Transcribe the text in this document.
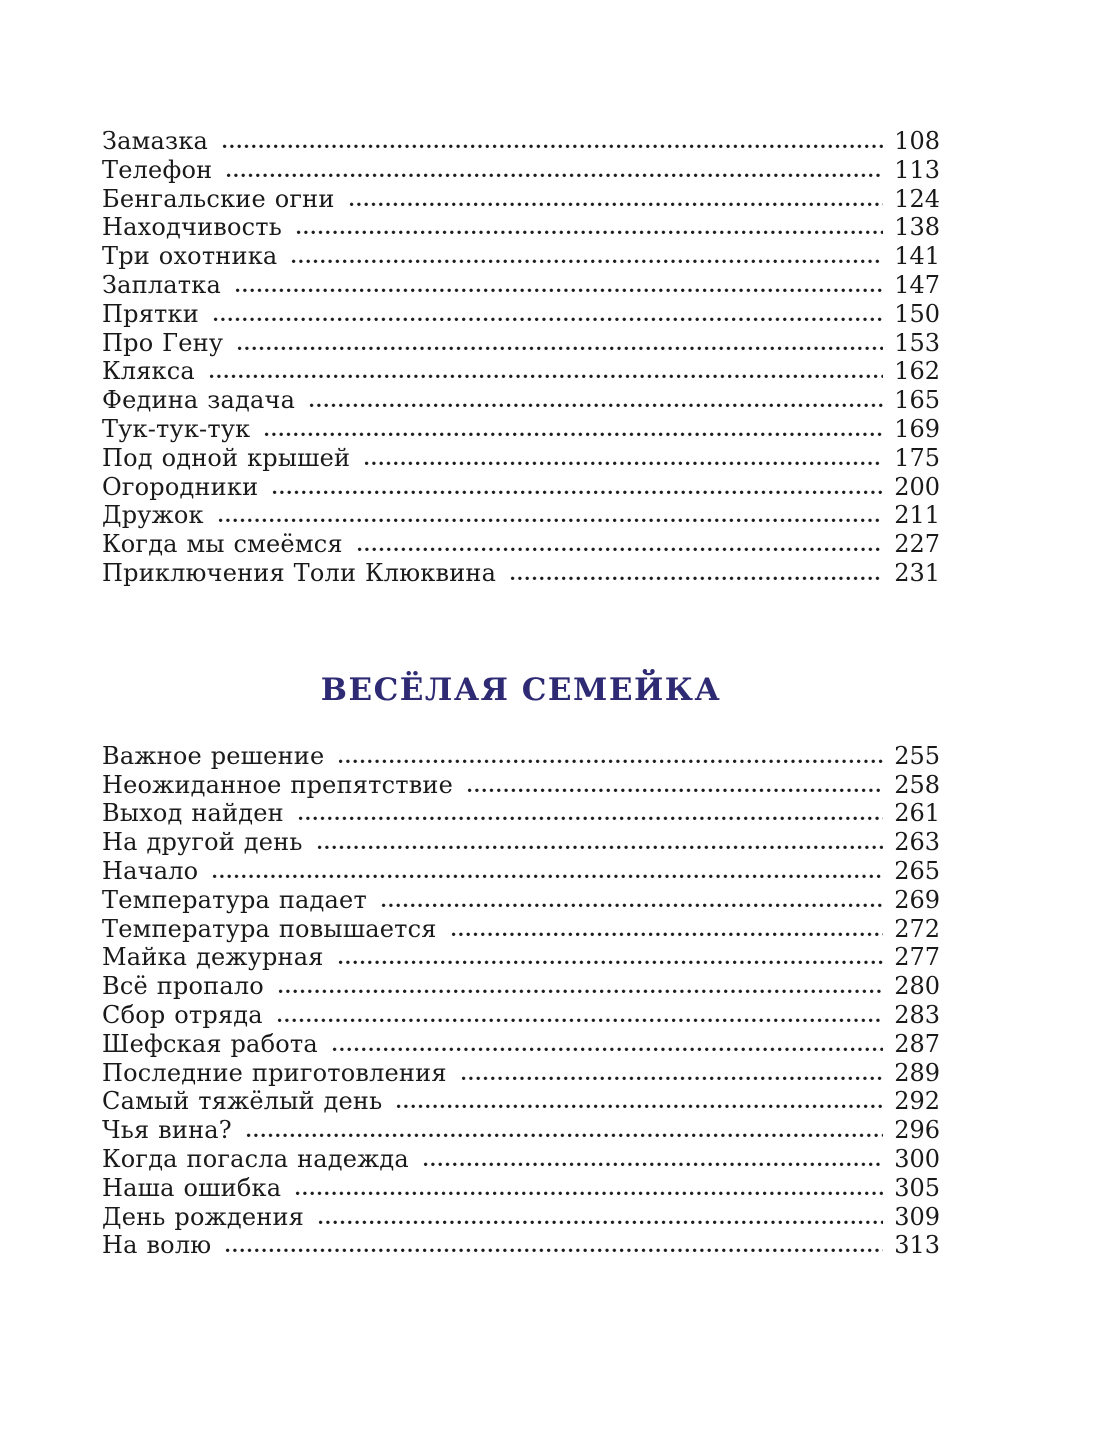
Замазка	108
Телефон	113
Бенгальские огни	124
Находчивость	138
Три охотника	141
Заплатка	147
Прятки	150
Про Гену	153
Клякса	162
Федина задача	165
Тук-тук-тук	169
Под одной крышей	175
Огородники	200
Дружок	211
Когда мы смеёмся	227
Приключения Толи Клюквина	231
ВЕСЁЛАЯ СЕМЕЙКА
Важное решение	255
Неожиданное препятствие	258
Выход найден	261
На другой день	263
Начало	265
Температура падает	269
Температура повышается	272
Майка дежурная	277
Всё пропало	280
Сбор отряда	283
Шефская работа	287
Последние приготовления	289
Самый тяжёлый день	292
Чья вина?	296
Когда погасла надежда	300
Наша ошибка	305
День рождения	309
На волю	313
